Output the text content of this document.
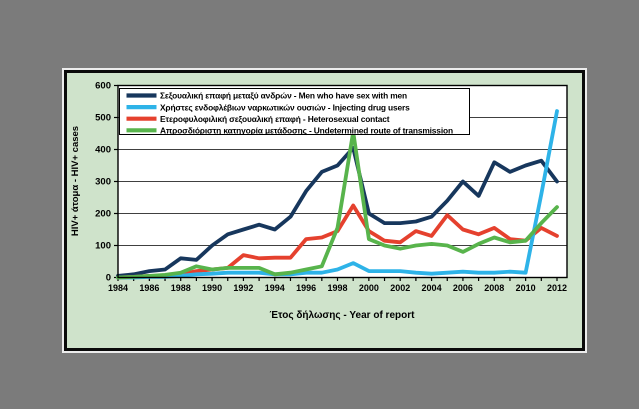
0
100
200
300
400
500
600
1984 1986 1988 1990 1992 1994 1996 1998 2000 2002 2004 2006 2008 2010 2012
Σεξουαλική επαφή μεταξύ ανδρών - Men who have sex with men
Χρήστες ενδοφλέβιων ναρκωτικών ουσιών - Injecting drug users
Ετεροφυλοφιλική σεξουαλική επαφή - Heterosexual contact
Απροσδιόριστη κατηγορία μετάδοσης - Undetermined route of transmission
Έτος δήλωσης - Year of report
HIV+ άτομα - HIV+ cases
